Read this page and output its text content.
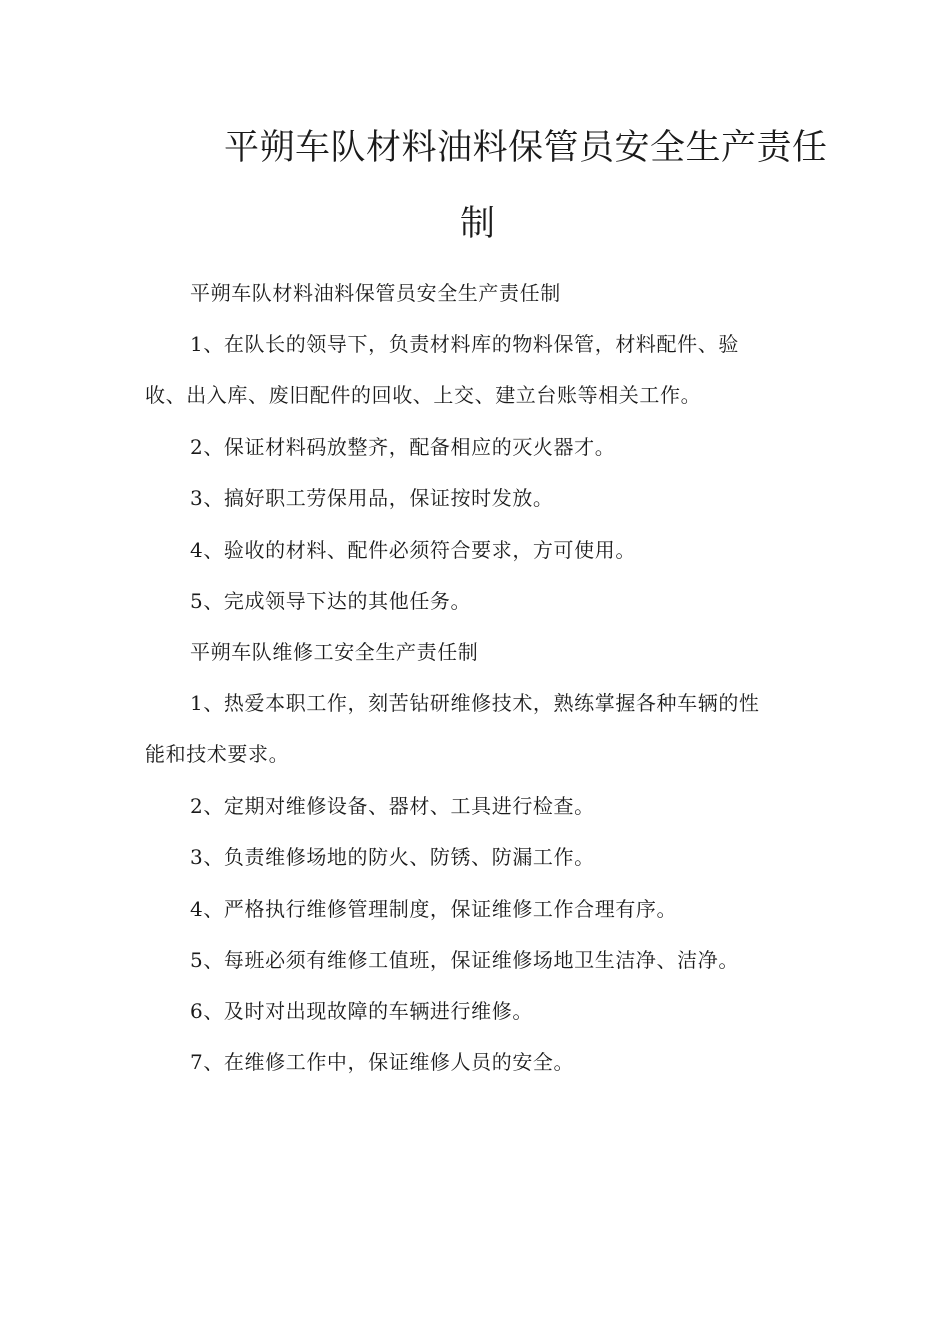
平朔车队材料油料保管员安全生产责任
制
平朔车队材料油料保管员安全生产责任制
1、在队长的领导下，负责材料库的物料保管，材料配件、验
收、出入库、废旧配件的回收、上交、建立台账等相关工作。
2、保证材料码放整齐，配备相应的灭火器才。
3、搞好职工劳保用品，保证按时发放。
4、验收的材料、配件必须符合要求，方可使用。
5、完成领导下达的其他任务。
平朔车队维修工安全生产责任制
1、热爱本职工作，刻苦钻研维修技术，熟练掌握各种车辆的性
能和技术要求。
2、定期对维修设备、器材、工具进行检查。
3、负责维修场地的防火、防锈、防漏工作。
4、严格执行维修管理制度，保证维修工作合理有序。
5、每班必须有维修工值班，保证维修场地卫生洁净、洁净。
6、及时对出现故障的车辆进行维修。
7、在维修工作中，保证维修人员的安全。
